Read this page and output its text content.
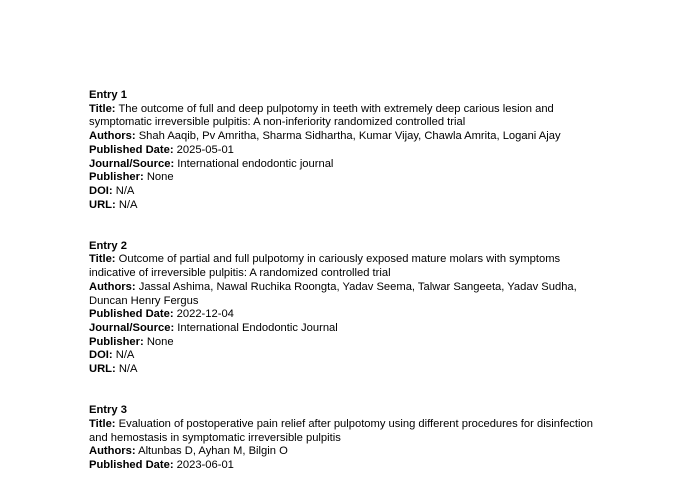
Entry 1
Title: The outcome of full and deep pulpotomy in teeth with extremely deep carious lesion and symptomatic irreversible pulpitis: A non-inferiority randomized controlled trial
Authors: Shah Aaqib, Pv Amritha, Sharma Sidhartha, Kumar Vijay, Chawla Amrita, Logani Ajay
Published Date: 2025-05-01
Journal/Source: International endodontic journal
Publisher: None
DOI: N/A
URL: N/A
Entry 2
Title: Outcome of partial and full pulpotomy in cariously exposed mature molars with symptoms indicative of irreversible pulpitis: A randomized controlled trial
Authors: Jassal Ashima, Nawal Ruchika Roongta, Yadav Seema, Talwar Sangeeta, Yadav Sudha, Duncan Henry Fergus
Published Date: 2022-12-04
Journal/Source: International Endodontic Journal
Publisher: None
DOI: N/A
URL: N/A
Entry 3
Title: Evaluation of postoperative pain relief after pulpotomy using different procedures for disinfection and hemostasis in symptomatic irreversible pulpitis
Authors: Altunbas D, Ayhan M, Bilgin O
Published Date: 2023-06-01
